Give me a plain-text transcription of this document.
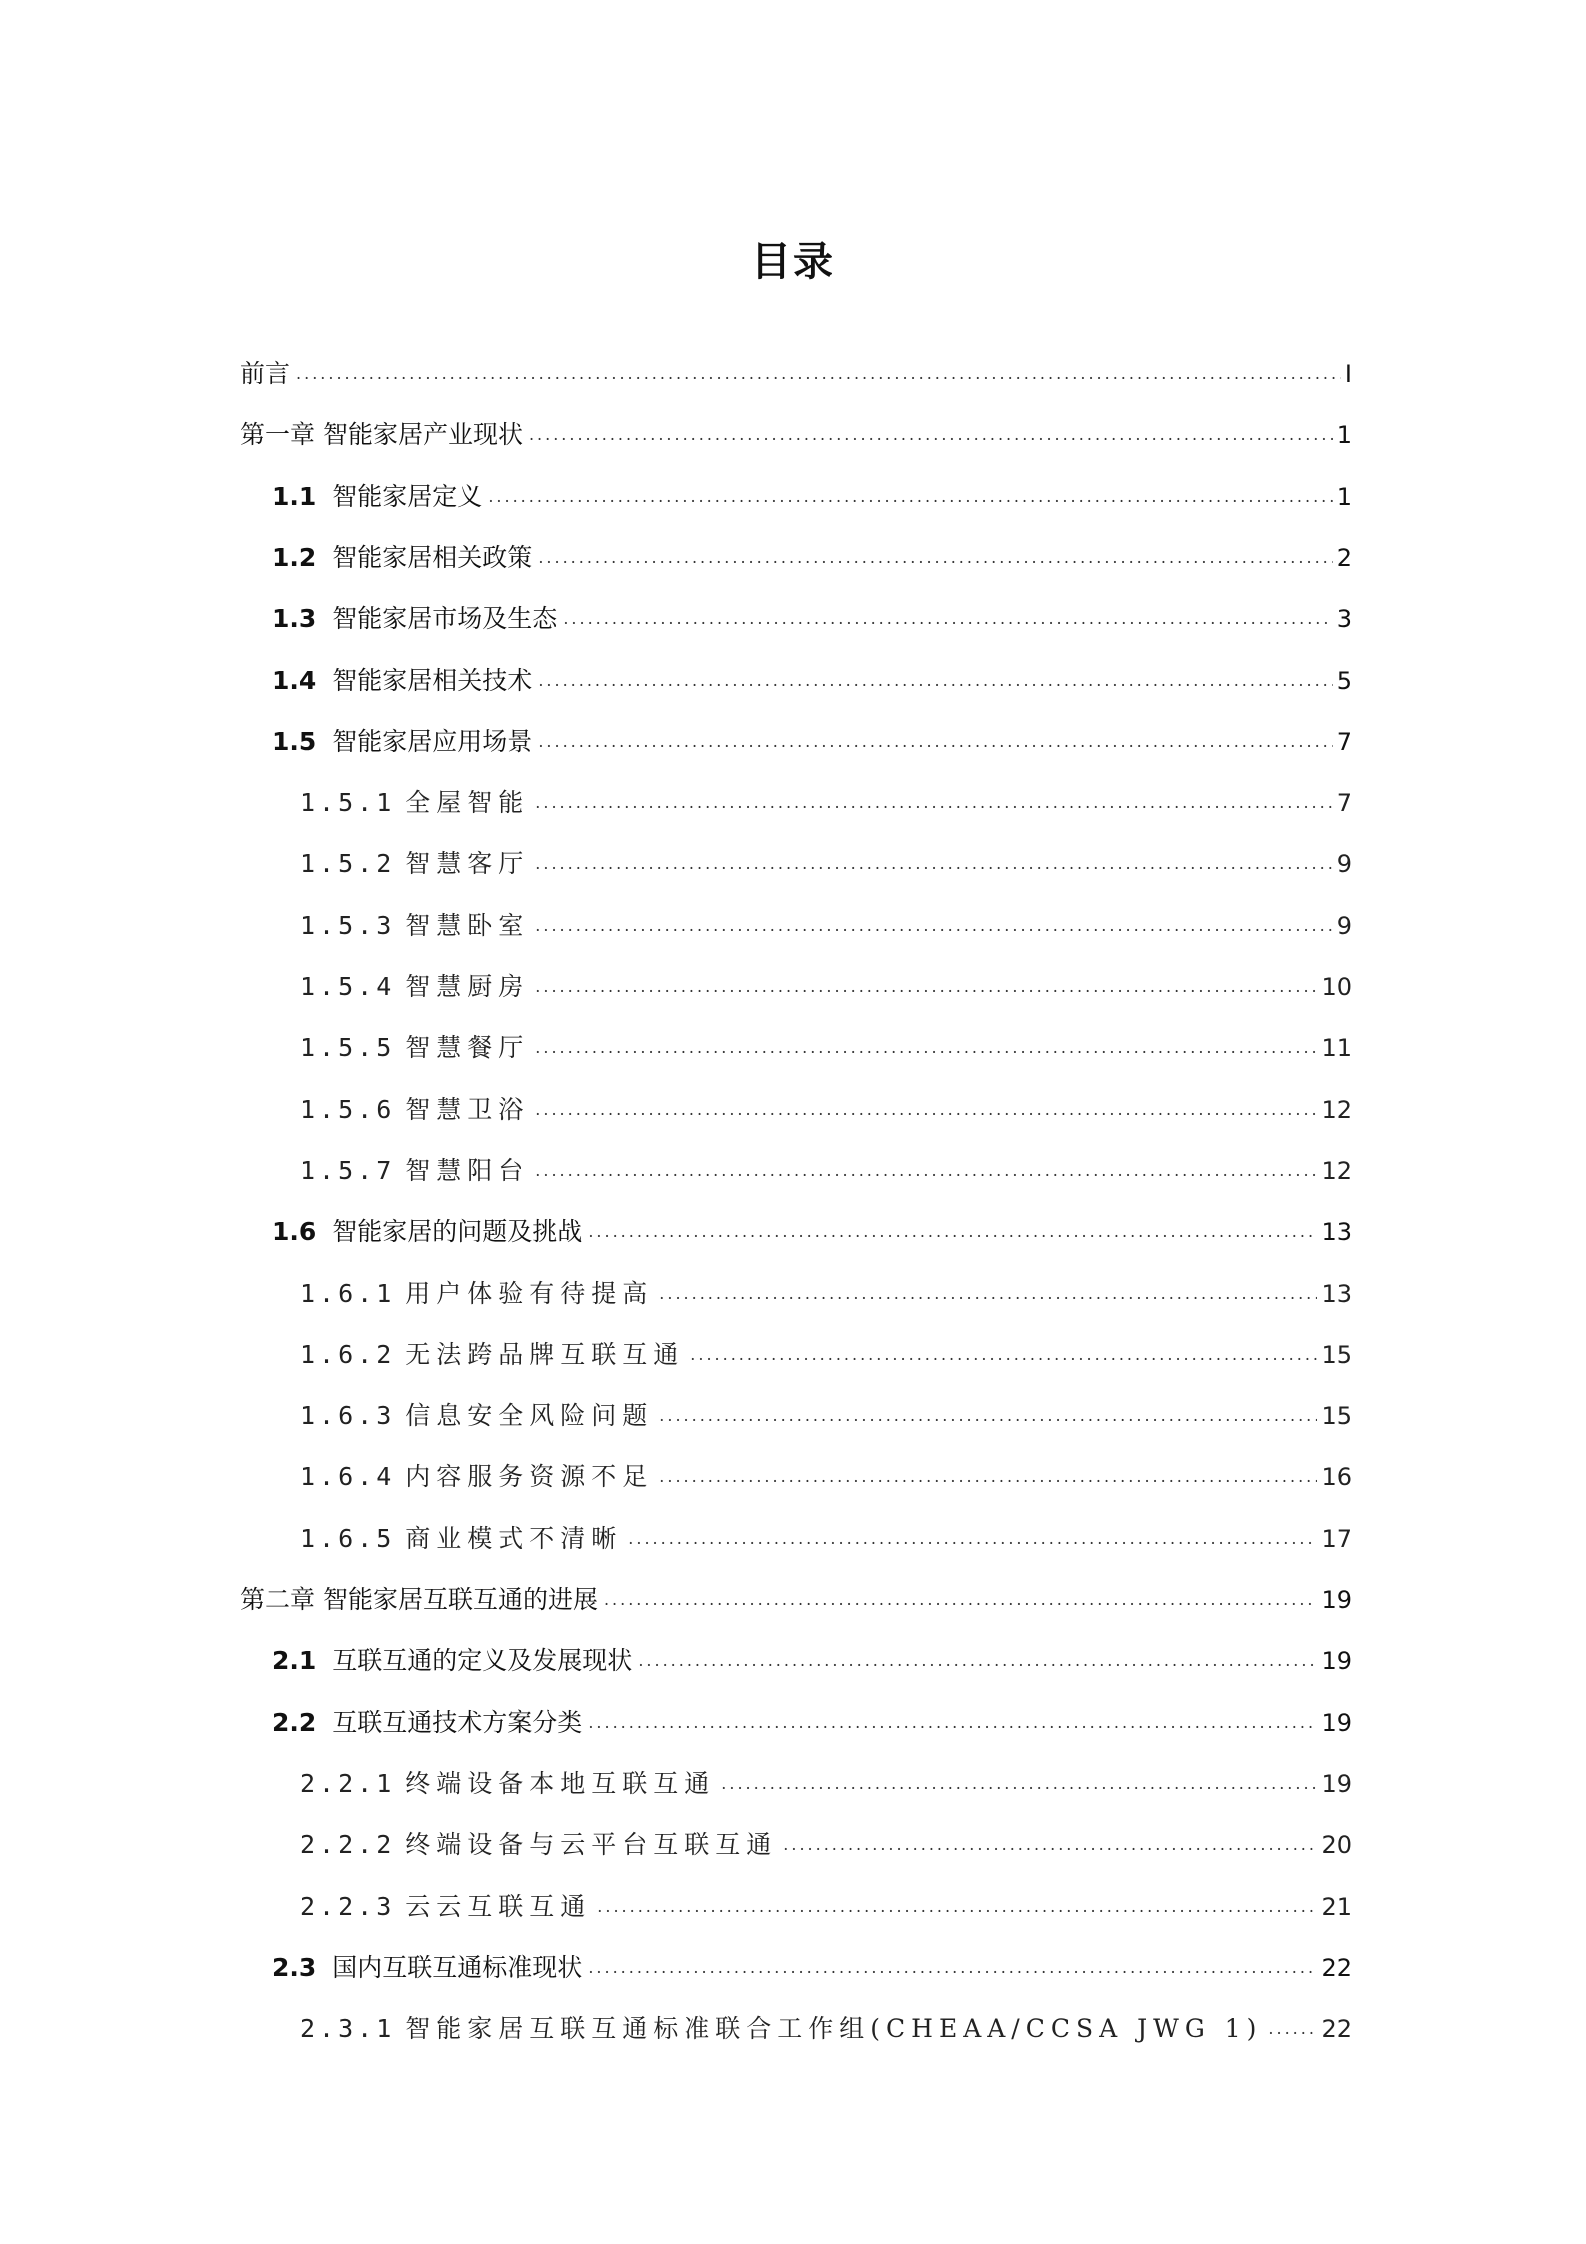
目录
前言 .....	I
第一章 智能家居产业现状 .....	1
1.1 智能家居定义 .....	1
1.2 智能家居相关政策 .....	2
1.3 智能家居市场及生态 .....	3
1.4 智能家居相关技术 .....	5
1.5 智能家居应用场景 .....	7
1.5.1 全屋智能 .....	7
1.5.2 智慧客厅 .....	9
1.5.3 智慧卧室 .....	9
1.5.4 智慧厨房 .....	10
1.5.5 智慧餐厅 .....	11
1.5.6 智慧卫浴 .....	12
1.5.7 智慧阳台 .....	12
1.6 智能家居的问题及挑战 .....	13
1.6.1 用户体验有待提高 .....	13
1.6.2 无法跨品牌互联互通 .....	15
1.6.3 信息安全风险问题 .....	15
1.6.4 内容服务资源不足 .....	16
1.6.5 商业模式不清晰 .....	17
第二章 智能家居互联互通的进展 .....	19
2.1 互联互通的定义及发展现状 .....	19
2.2 互联互通技术方案分类 .....	19
2.2.1 终端设备本地互联互通 .....	19
2.2.2 终端设备与云平台互联互通 .....	20
2.2.3 云云互联互通 .....	21
2.3 国内互联互通标准现状 .....	22
2.3.1 智能家居互联互通标准联合工作组(CHEAA/CCSA JWG 1) ..... 22
